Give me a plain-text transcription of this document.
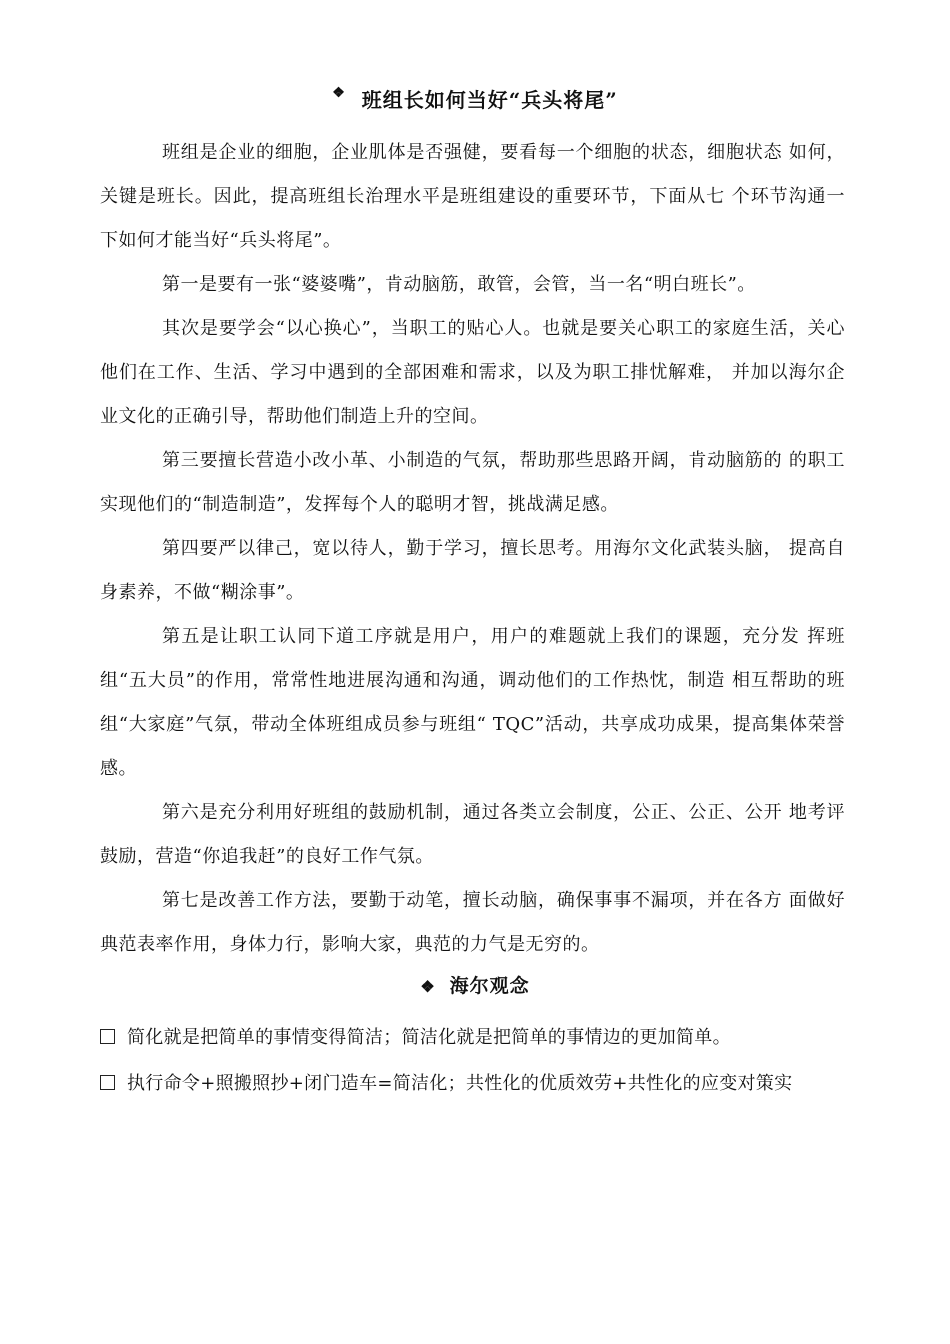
❖ 班组长如何当好“兵头将尾”

班组是企业的细胞，企业肌体是否强健，要看每一个细胞的状态，细胞状态 如何，关键是班长。因此，提高班组长治理水平是班组建设的重要环节，下面从七 个环节沟通一下如何才能当好“兵头将尾”。

第一是要有一张“婆婆嘴”，肯动脑筋，敢管，会管，当一名“明白班长”。

其次是要学会“以心换心”，当职工的贴心人。也就是要关心职工的家庭生活，关心他们在工作、生活、学习中遇到的全部困难和需求，以及为职工排忧解难， 并加以海尔企业文化的正确引导，帮助他们制造上升的空间。

第三要擅长营造小改小革、小制造的气氛，帮助那些思路开阔，肯动脑筋的 的职工实现他们的“制造制造”，发挥每个人的聪明才智，挑战满足感。

第四要严以律己，宽以待人，勤于学习，擅长思考。用海尔文化武装头脑， 提高自身素养，不做“糊涂事”。

第五是让职工认同下道工序就是用户，用户的难题就上我们的课题，充分发 挥班组“五大员”的作用，常常性地进展沟通和沟通，调动他们的工作热忱，制造 相互帮助的班组“大家庭”气氛，带动全体班组成员参与班组“ TQC”活动，共享成功成果，提高集体荣誉感。

第六是充分利用好班组的鼓励机制，通过各类立会制度，公正、公正、公开 地考评鼓励，营造“你追我赶”的良好工作气氛。

第七是改善工作方法，要勤于动笔，擅长动脑，确保事事不漏项，并在各方 面做好典范表率作用，身体力行，影响大家，典范的力气是无穷的。

❖ 海尔观念
简化就是把简单的事情变得简洁；简洁化就是把简单的事情边的更加简单。
执行命令+照搬照抄+闭门造车=简洁化；共性化的优质效劳+共性化的应变对策实
